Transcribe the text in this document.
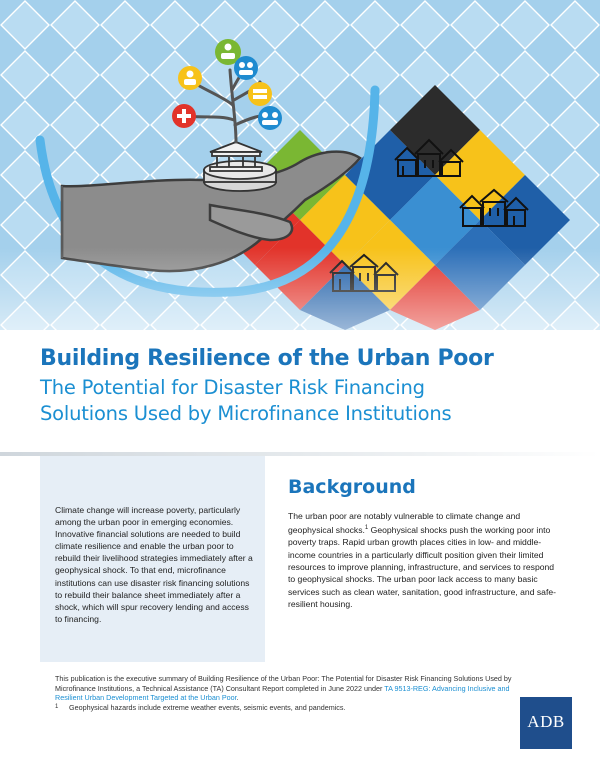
Building Resilience of the Urban Poor
The Potential for Disaster Risk Financing
Solutions Used by Microfinance Institutions

Climate change will increase poverty, particularly among the urban poor in emerging economies. Innovative financial solutions are needed to build climate resilience and enable the urban poor to rebuild their livelihood strategies immediately after a geophysical shock. To that end, microfinance institutions can use disaster risk financing solutions to rebuild their balance sheet immediately after a shock, which will spur recovery lending and access to financing.

Background

The urban poor are notably vulnerable to climate change and geophysical shocks.$^1$ Geophysical shocks push the working poor into poverty traps. Rapid urban growth places cities in low- and middle-income countries in a particularly difficult position given their limited resources to improve planning, infrastructure, and services to respond to geophysical shocks. The urban poor lack access to many basic services such as clean water, sanitation, good infrastructure, and safe-resilient housing.

This publication is the executive summary of Building Resilience of the Urban Poor: The Potential for Disaster Risk Financing Solutions Used by Microfinance Institutions, a Technical Assistance (TA) Consultant Report completed in June 2022 under TA 9513-REG: Advancing Inclusive and Resilient Urban Development Targeted at the Urban Poor.
1 Geophysical hazards include extreme weather events, seismic events, and pandemics.
ADB
